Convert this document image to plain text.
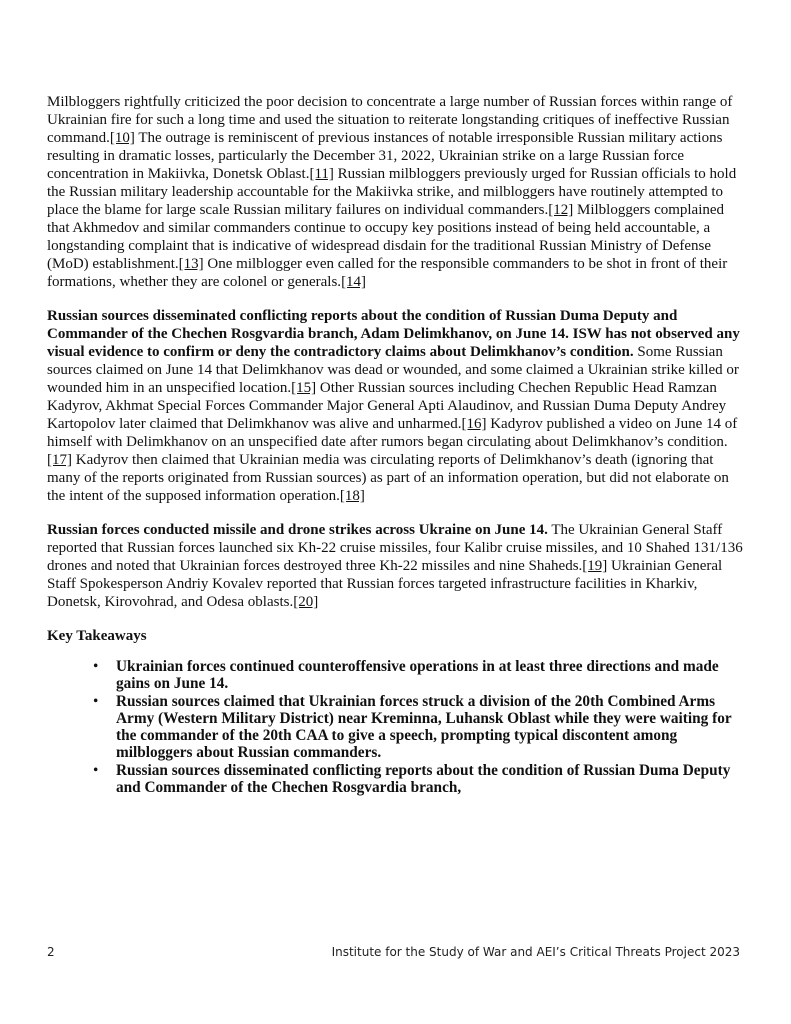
Milbloggers rightfully criticized the poor decision to concentrate a large number of Russian forces within range of Ukrainian fire for such a long time and used the situation to reiterate longstanding critiques of ineffective Russian command.[10] The outrage is reminiscent of previous instances of notable irresponsible Russian military actions resulting in dramatic losses, particularly the December 31, 2022, Ukrainian strike on a large Russian force concentration in Makiivka, Donetsk Oblast.[11] Russian milbloggers previously urged for Russian officials to hold the Russian military leadership accountable for the Makiivka strike, and milbloggers have routinely attempted to place the blame for large scale Russian military failures on individual commanders.[12] Milbloggers complained that Akhmedov and similar commanders continue to occupy key positions instead of being held accountable, a longstanding complaint that is indicative of widespread disdain for the traditional Russian Ministry of Defense (MoD) establishment.[13] One milblogger even called for the responsible commanders to be shot in front of their formations, whether they are colonel or generals.[14]

Russian sources disseminated conflicting reports about the condition of Russian Duma Deputy and Commander of the Chechen Rosgvardia branch, Adam Delimkhanov, on June 14. ISW has not observed any visual evidence to confirm or deny the contradictory claims about Delimkhanov’s condition. Some Russian sources claimed on June 14 that Delimkhanov was dead or wounded, and some claimed a Ukrainian strike killed or wounded him in an unspecified location.[15] Other Russian sources including Chechen Republic Head Ramzan Kadyrov, Akhmat Special Forces Commander Major General Apti Alaudinov, and Russian Duma Deputy Andrey Kartopolov later claimed that Delimkhanov was alive and unharmed.[16] Kadyrov published a video on June 14 of himself with Delimkhanov on an unspecified date after rumors began circulating about Delimkhanov’s condition.[17] Kadyrov then claimed that Ukrainian media was circulating reports of Delimkhanov’s death (ignoring that many of the reports originated from Russian sources) as part of an information operation, but did not elaborate on the intent of the supposed information operation.[18]

Russian forces conducted missile and drone strikes across Ukraine on June 14. The Ukrainian General Staff reported that Russian forces launched six Kh-22 cruise missiles, four Kalibr cruise missiles, and 10 Shahed 131/136 drones and noted that Ukrainian forces destroyed three Kh-22 missiles and nine Shaheds.[19] Ukrainian General Staff Spokesperson Andriy Kovalev reported that Russian forces targeted infrastructure facilities in Kharkiv, Donetsk, Kirovohrad, and Odesa oblasts.[20]

Key Takeaways
• Ukrainian forces continued counteroffensive operations in at least three directions and made gains on June 14.
• Russian sources claimed that Ukrainian forces struck a division of the 20th Combined Arms Army (Western Military District) near Kreminna, Luhansk Oblast while they were waiting for the commander of the 20th CAA to give a speech, prompting typical discontent among milbloggers about Russian commanders.
• Russian sources disseminated conflicting reports about the condition of Russian Duma Deputy and Commander of the Chechen Rosgvardia branch,
2	Institute for the Study of War and AEI’s Critical Threats Project 2023
